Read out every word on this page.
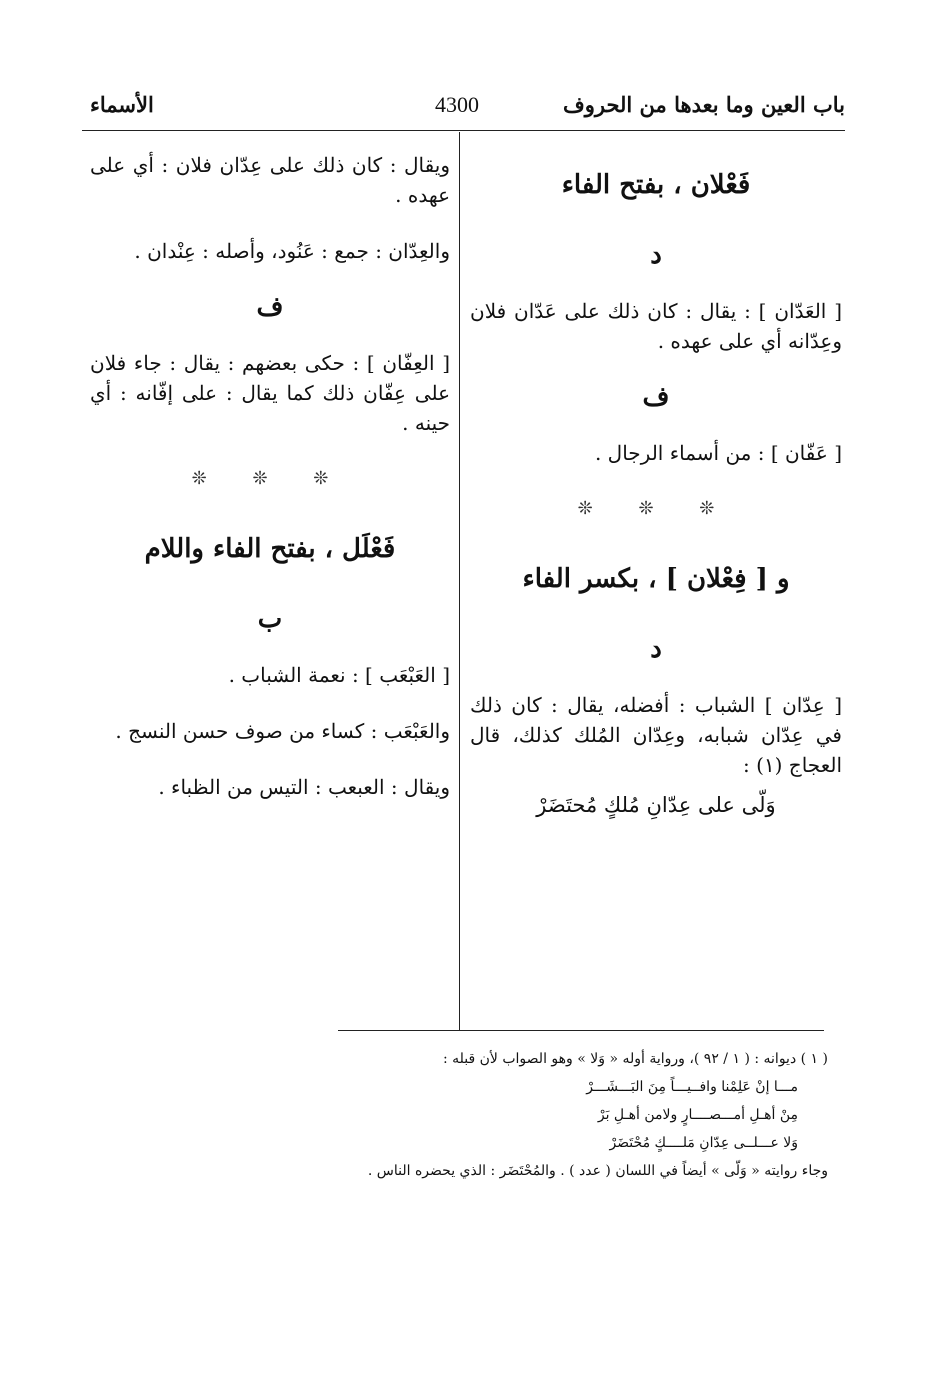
باب العين وما بعدها من الحروف
4300
الأسماء
فَعْلان ، بفتح الفاء
د

[ العَدّان ] : يقال : كان ذلك على عَدّان فلان وعِدّانه أي على عهده .

ف

[ عَفّان ] : من أسماء الرجال .

❊ ❊ ❊
و [ فِعْلان ] ، بكسر الفاء
د

[ عِدّان ] الشباب : أفضله، يقال : كان ذلك في عِدّان شبابه، وعِدّان المُلك كذلك، قال العجاج (١) :

وَلّى على عِدّانِ مُلكٍ مُحتَضَرْ

ويقال : كان ذلك على عِدّان فلان : أي على عهده .

والعِدّان : جمع : عَنُود، وأصله : عِنْدان .

ف

[ العِفّان ] : حكى بعضهم : يقال : جاء فلان على عِفّان ذلك كما يقال : على إفّانه : أي حينه .

❊ ❊ ❊
فَعْلَل ، بفتح الفاء واللام
ب

[ العَبْعَب ] : نعمة الشباب .

والعَبْعَب : كساء من صوف حسن النسج .

ويقال : العبعب : التيس من الظباء .

( ١ ) ديوانه : ( ١ / ٩٢ )، ورواية أوله « وَلا » وهو الصواب لأن قبله :

مـــا إنْ عَلِمْنا وافــيـــاً مِنَ البَـــشَـــرْ

مِنْ أهـلِ أمـــصــــارٍ ولامن أهـلِ بَرْ

وَلا عـــلــى عِدّانِ مَلــــكٍ مُحْتَضَرْ

وجاء روايته « وَلّى » أيضاً في اللسان ( عدد ) . والمُحْتَضَر : الذي يحضره الناس .
